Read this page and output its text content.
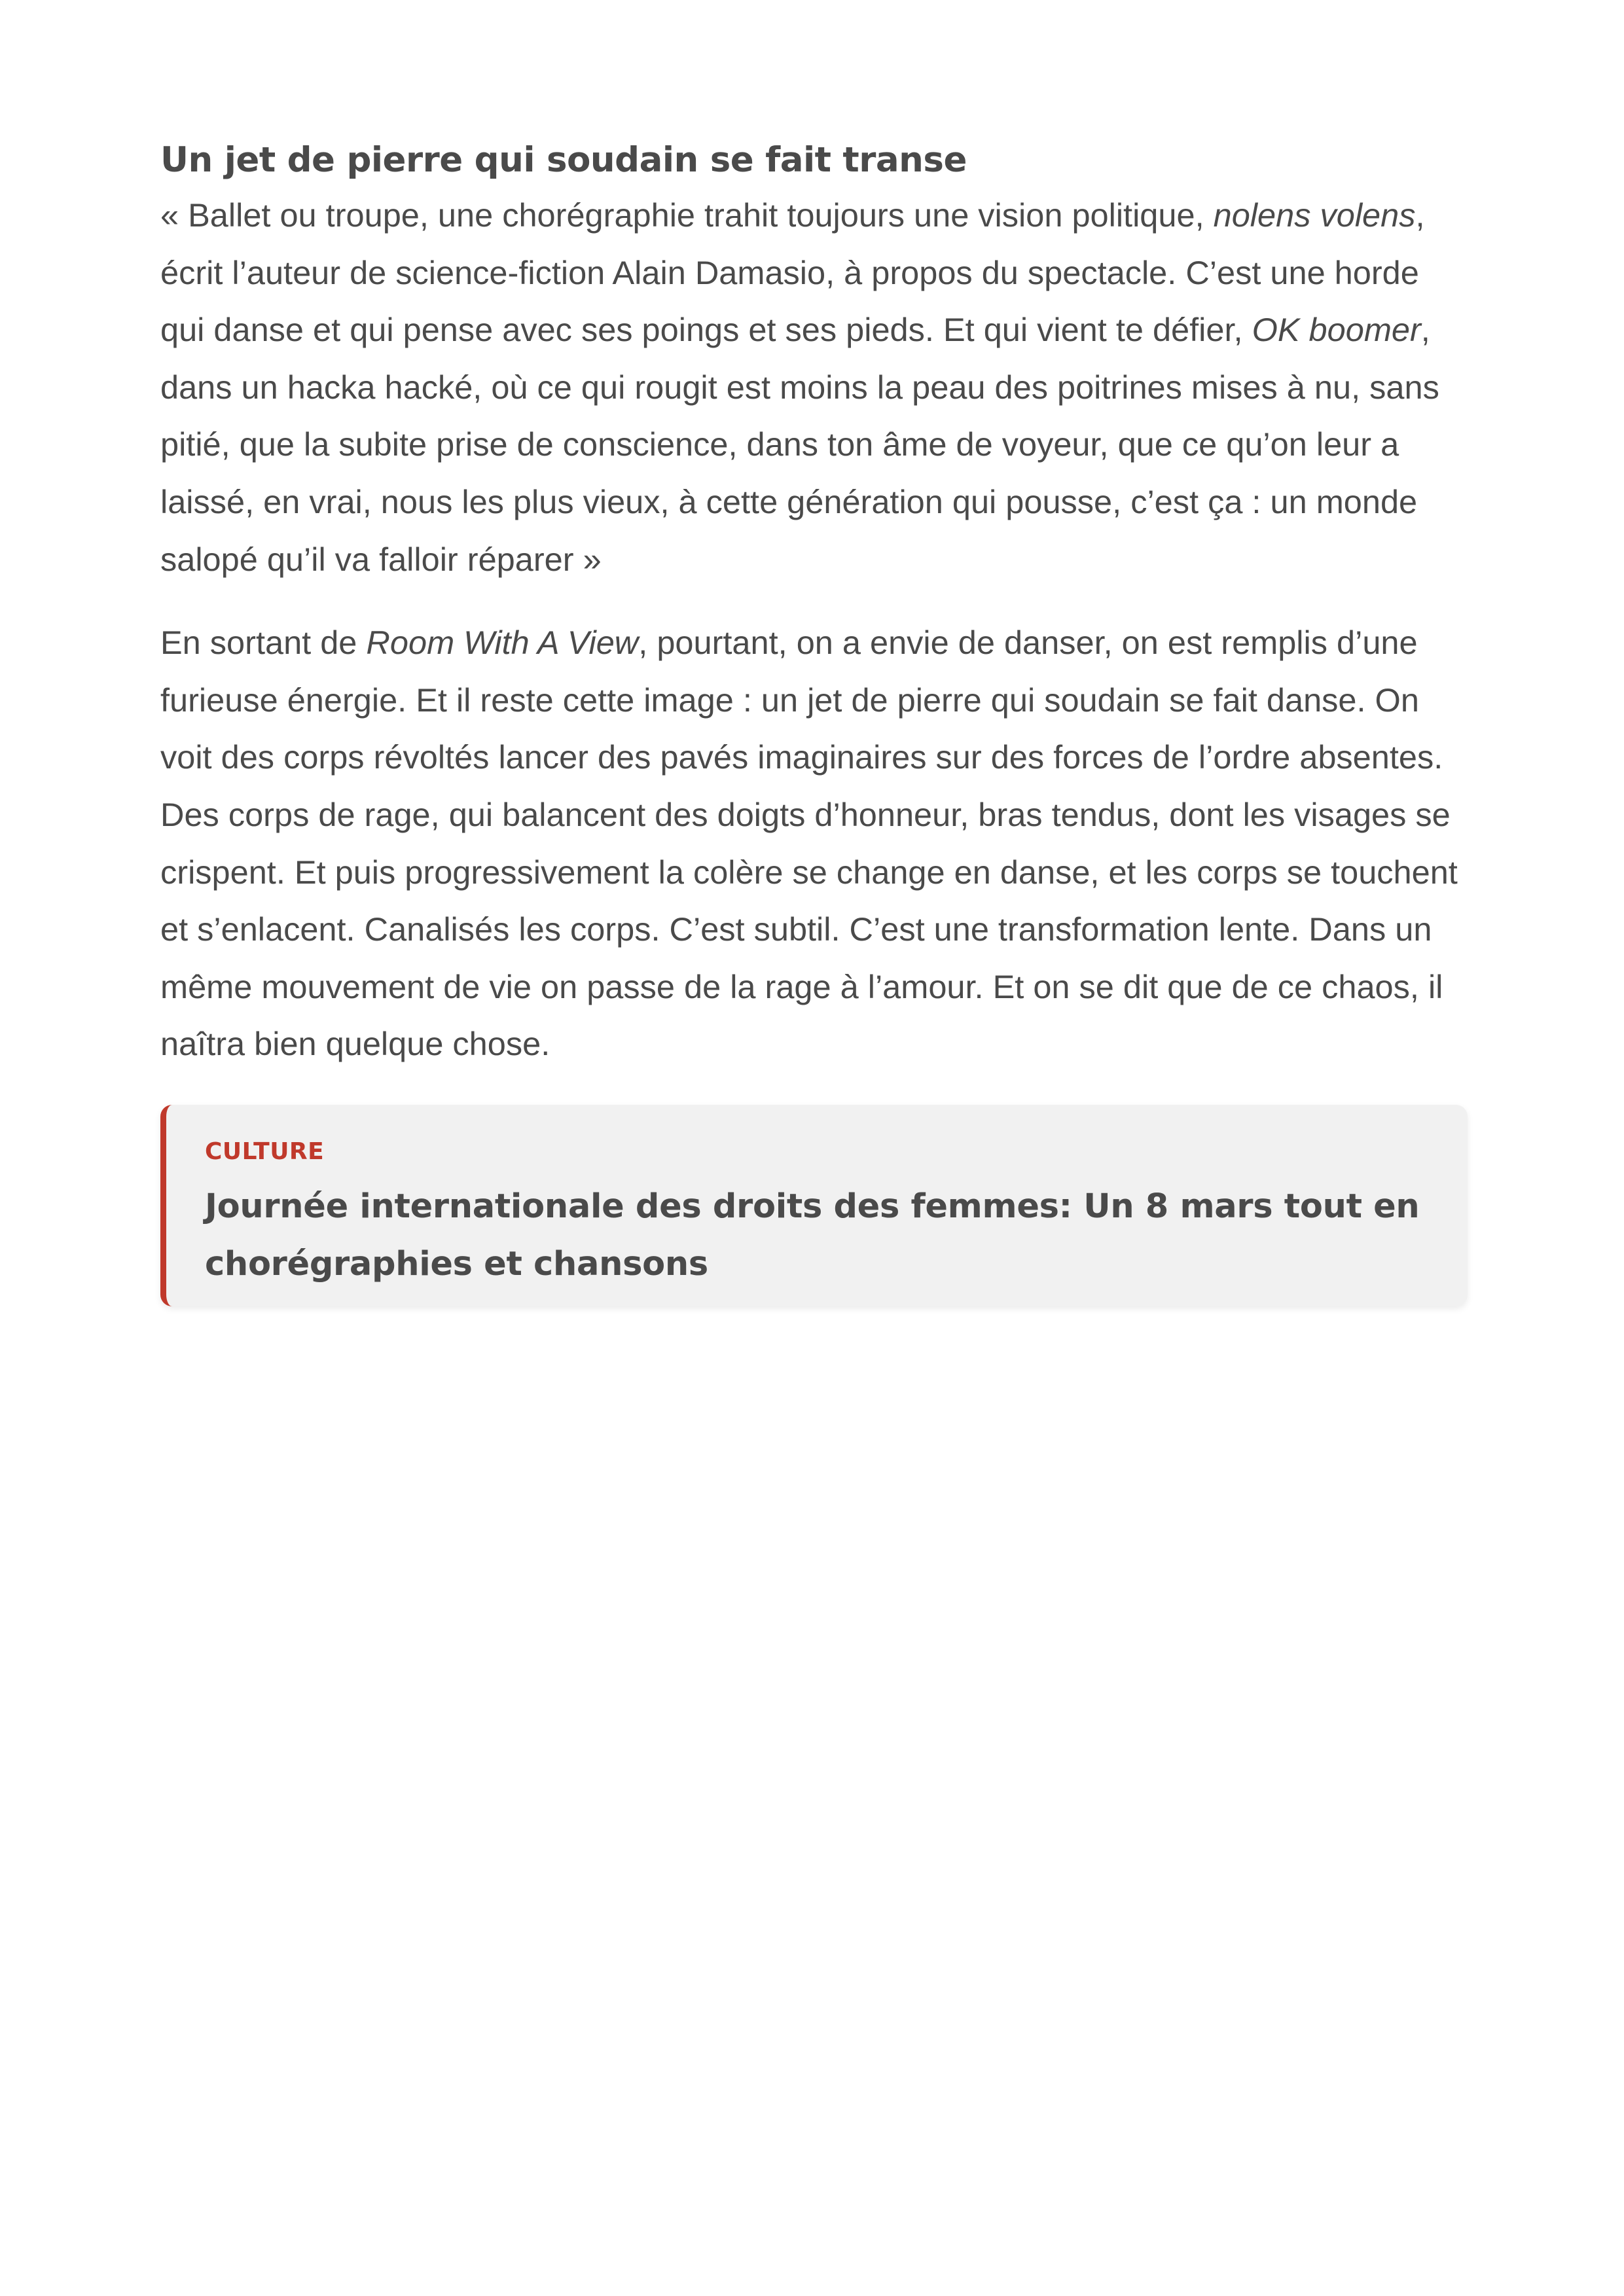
Un jet de pierre qui soudain se fait transe

« Ballet ou troupe, une chorégraphie trahit toujours une vision politique, nolens volens, écrit l’auteur de science-fiction Alain Damasio, à propos du spectacle. C’est une horde qui danse et qui pense avec ses poings et ses pieds. Et qui vient te défier, OK boomer, dans un hacka hacké, où ce qui rougit est moins la peau des poitrines mises à nu, sans pitié, que la subite prise de conscience, dans ton âme de voyeur, que ce qu’on leur a laissé, en vrai, nous les plus vieux, à cette génération qui pousse, c’est ça : un monde salopé qu’il va falloir réparer »

En sortant de Room With A View, pourtant, on a envie de danser, on est remplis d’une furieuse énergie. Et il reste cette image : un jet de pierre qui soudain se fait danse. On voit des corps révoltés lancer des pavés imaginaires sur des forces de l’ordre absentes. Des corps de rage, qui balancent des doigts d’honneur, bras tendus, dont les visages se crispent. Et puis progressivement la colère se change en danse, et les corps se touchent et s’enlacent. Canalisés les corps. C’est subtil. C’est une transformation lente. Dans un même mouvement de vie on passe de la rage à l’amour. Et on se dit que de ce chaos, il naîtra bien quelque chose.

CULTURE
Journée internationale des droits des femmes: Un 8 mars tout en chorégraphies et chansons
